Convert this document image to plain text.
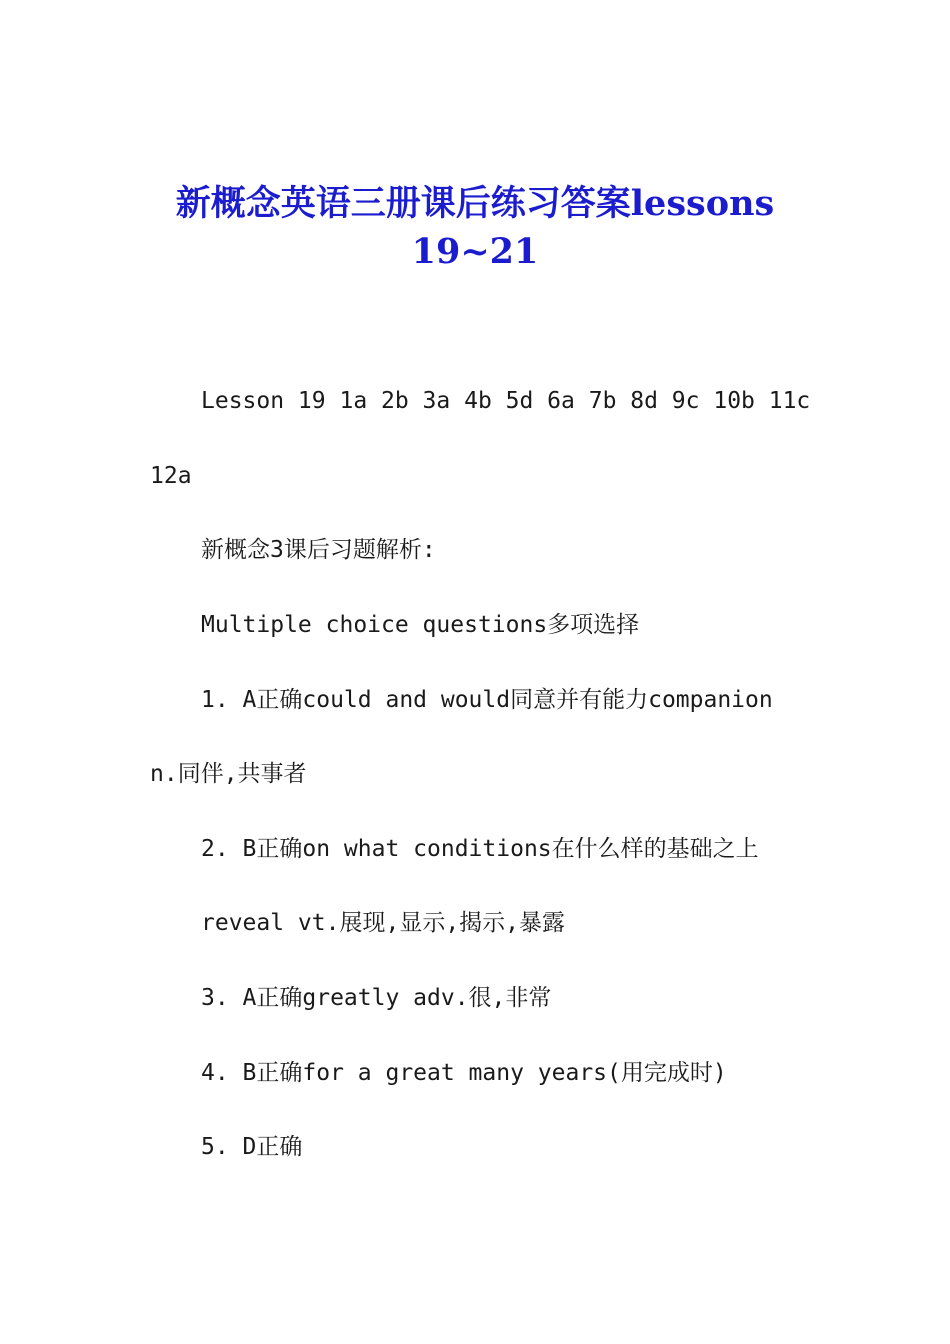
新概念英语三册课后练习答案lessons
19~21

Lesson 19 1a 2b 3a 4b 5d 6a 7b 8d 9c 10b 11c

12a

新概念3课后习题解析:

Multiple choice questions多项选择

1. A正确could and would同意并有能力companion

n.同伴,共事者

2. B正确on what conditions在什么样的基础之上

reveal vt.展现,显示,揭示,暴露

3. A正确greatly adv.很,非常

4. B正确for a great many years(用完成时)

5. D正确
